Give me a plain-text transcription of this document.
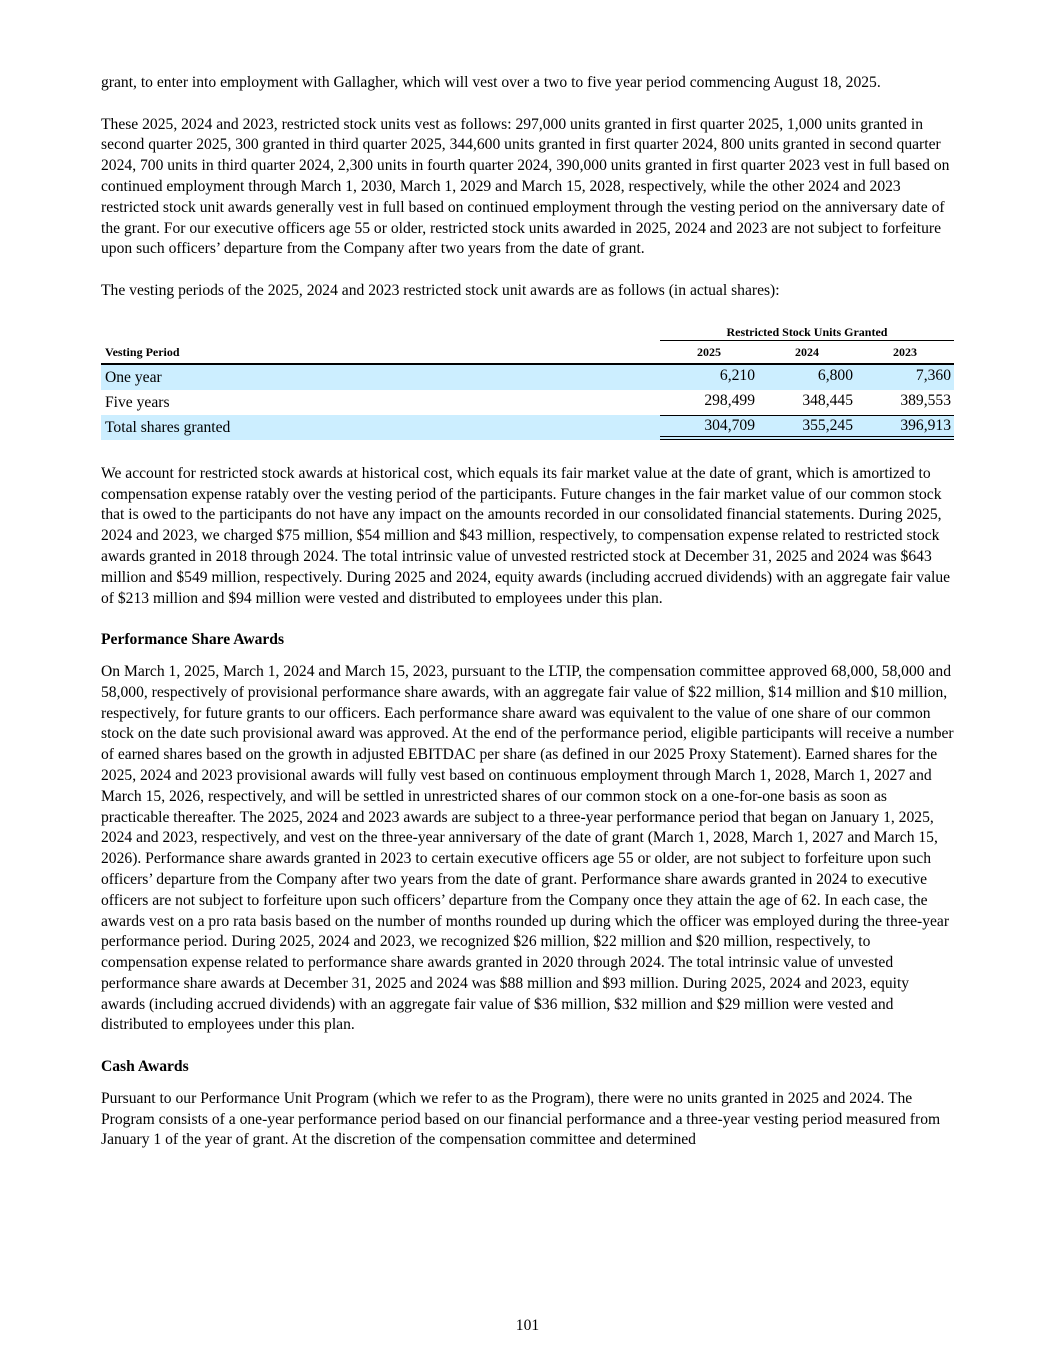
grant, to enter into employment with Gallagher, which will vest over a two to five year period commencing August 18, 2025.

These 2025, 2024 and 2023, restricted stock units vest as follows: 297,000 units granted in first quarter 2025, 1,000 units granted in second quarter 2025, 300 granted in third quarter 2025, 344,600 units granted in first quarter 2024, 800 units granted in second quarter 2024, 700 units in third quarter 2024, 2,300 units in fourth quarter 2024, 390,000 units granted in first quarter 2023 vest in full based on continued employment through March 1, 2030, March 1, 2029 and March 15, 2028, respectively, while the other 2024 and 2023 restricted stock unit awards generally vest in full based on continued employment through the vesting period on the anniversary date of the grant. For our executive officers age 55 or older, restricted stock units awarded in 2025, 2024 and 2023 are not subject to forfeiture upon such officers’ departure from the Company after two years from the date of grant.

The vesting periods of the 2025, 2024 and 2023 restricted stock unit awards are as follows (in actual shares):

Restricted Stock Units Granted
Vesting Period	2025	2024	2023
One year	6,210	6,800	7,360
Five years	298,499	348,445	389,553
Total shares granted	304,709	355,245	396,913

We account for restricted stock awards at historical cost, which equals its fair market value at the date of grant, which is amortized to compensation expense ratably over the vesting period of the participants. Future changes in the fair market value of our common stock that is owed to the participants do not have any impact on the amounts recorded in our consolidated financial statements. During 2025, 2024 and 2023, we charged $75 million, $54 million and $43 million, respectively, to compensation expense related to restricted stock awards granted in 2018 through 2024. The total intrinsic value of unvested restricted stock at December 31, 2025 and 2024 was $643 million and $549 million, respectively. During 2025 and 2024, equity awards (including accrued dividends) with an aggregate fair value of $213 million and $94 million were vested and distributed to employees under this plan.

Performance Share Awards

On March 1, 2025, March 1, 2024 and March 15, 2023, pursuant to the LTIP, the compensation committee approved 68,000, 58,000 and 58,000, respectively of provisional performance share awards, with an aggregate fair value of $22 million, $14 million and $10 million, respectively, for future grants to our officers. Each performance share award was equivalent to the value of one share of our common stock on the date such provisional award was approved. At the end of the performance period, eligible participants will receive a number of earned shares based on the growth in adjusted EBITDAC per share (as defined in our 2025 Proxy Statement). Earned shares for the 2025, 2024 and 2023 provisional awards will fully vest based on continuous employment through March 1, 2028, March 1, 2027 and March 15, 2026, respectively, and will be settled in unrestricted shares of our common stock on a one-for-one basis as soon as practicable thereafter. The 2025, 2024 and 2023 awards are subject to a three-year performance period that began on January 1, 2025, 2024 and 2023, respectively, and vest on the three-year anniversary of the date of grant (March 1, 2028, March 1, 2027 and March 15, 2026). Performance share awards granted in 2023 to certain executive officers age 55 or older, are not subject to forfeiture upon such officers’ departure from the Company after two years from the date of grant. Performance share awards granted in 2024 to executive officers are not subject to forfeiture upon such officers’ departure from the Company once they attain the age of 62. In each case, the awards vest on a pro rata basis based on the number of months rounded up during which the officer was employed during the three-year performance period. During 2025, 2024 and 2023, we recognized $26 million, $22 million and $20 million, respectively, to compensation expense related to performance share awards granted in 2020 through 2024. The total intrinsic value of unvested performance share awards at December 31, 2025 and 2024 was $88 million and $93 million. During 2025, 2024 and 2023, equity awards (including accrued dividends) with an aggregate fair value of $36 million, $32 million and $29 million were vested and distributed to employees under this plan.

Cash Awards

Pursuant to our Performance Unit Program (which we refer to as the Program), there were no units granted in 2025 and 2024. The Program consists of a one-year performance period based on our financial performance and a three-year vesting period measured from January 1 of the year of grant. At the discretion of the compensation committee and determined

101
